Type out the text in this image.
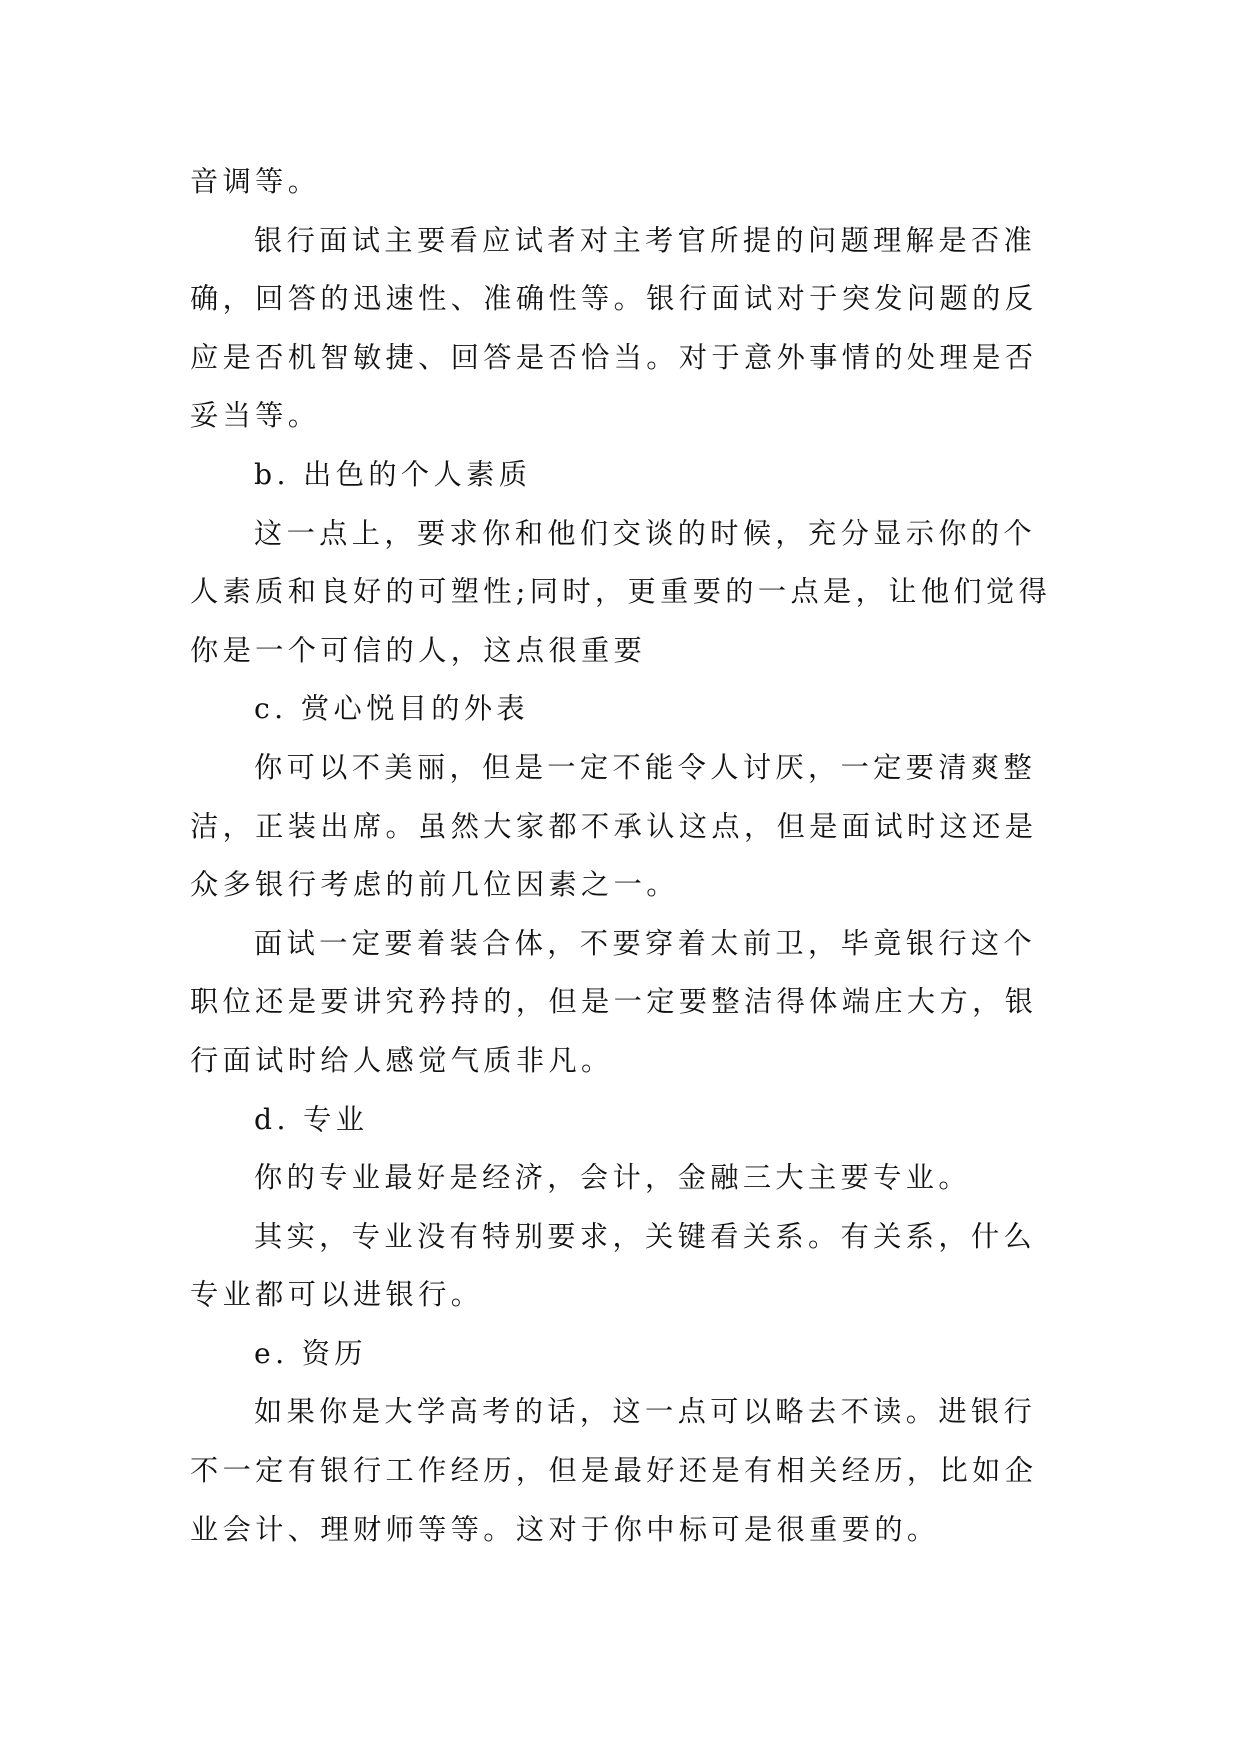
音调等。

银行面试主要看应试者对主考官所提的问题理解是否准确，回答的迅速性、准确性等。银行面试对于突发问题的反应是否机智敏捷、回答是否恰当。对于意外事情的处理是否妥当等。

b. 出色的个人素质

这一点上，要求你和他们交谈的时候，充分显示你的个人素质和良好的可塑性;同时，更重要的一点是，让他们觉得你是一个可信的人，这点很重要

c. 赏心悦目的外表

你可以不美丽，但是一定不能令人讨厌，一定要清爽整洁，正装出席。虽然大家都不承认这点，但是面试时这还是众多银行考虑的前几位因素之一。

面试一定要着装合体，不要穿着太前卫，毕竟银行这个职位还是要讲究矜持的，但是一定要整洁得体端庄大方，银行面试时给人感觉气质非凡。

d. 专业

你的专业最好是经济，会计，金融三大主要专业。

其实，专业没有特别要求，关键看关系。有关系，什么专业都可以进银行。

e. 资历

如果你是大学高考的话，这一点可以略去不读。进银行不一定有银行工作经历，但是最好还是有相关经历，比如企业会计、理财师等等。这对于你中标可是很重要的。
